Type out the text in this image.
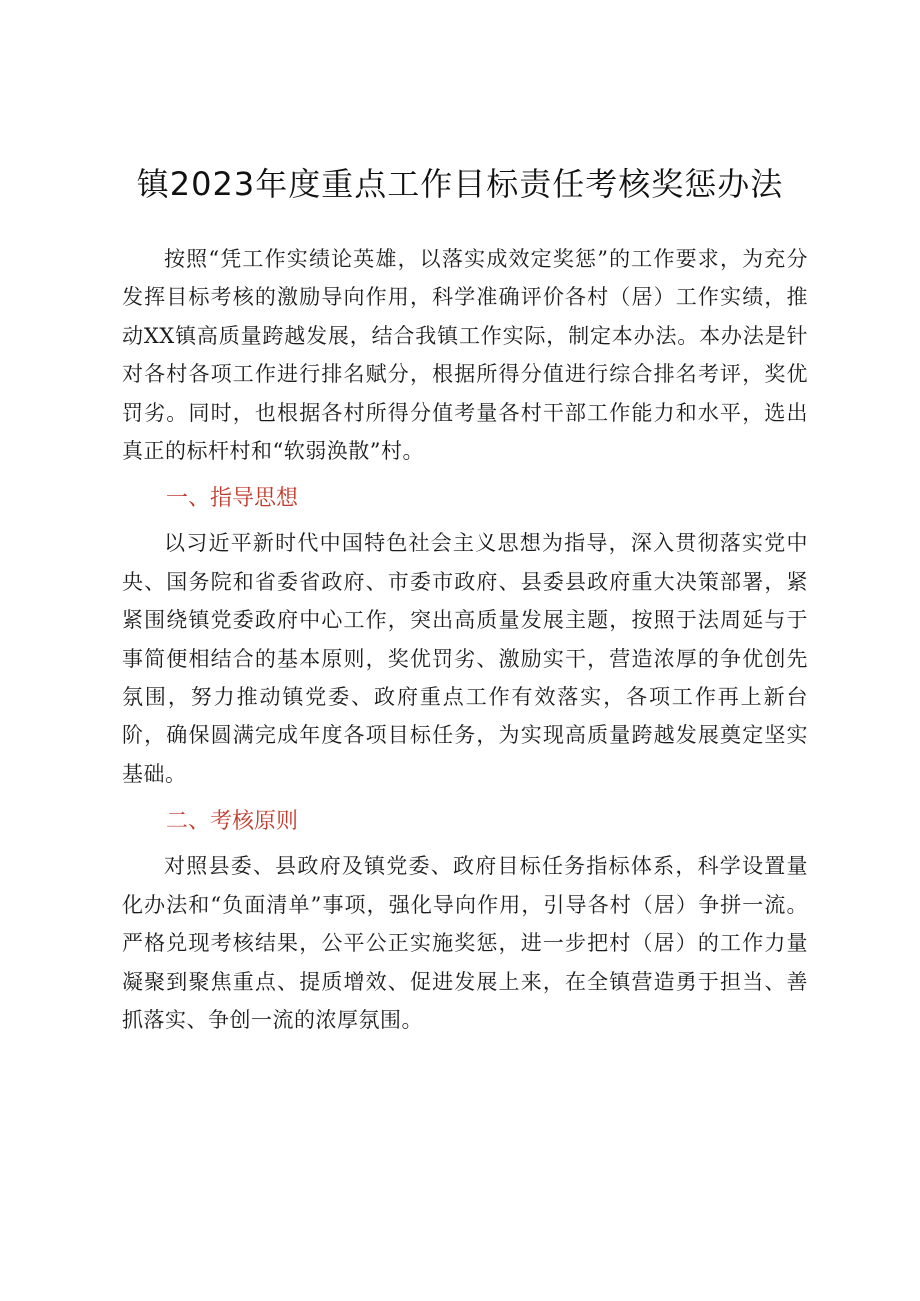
镇2023年度重点工作目标责任考核奖惩办法

按照“凭工作实绩论英雄，以落实成效定奖惩”的工作要求，为充分发挥目标考核的激励导向作用，科学准确评价各村（居）工作实绩，推动XX镇高质量跨越发展，结合我镇工作实际，制定本办法。本办法是针对各村各项工作进行排名赋分，根据所得分值进行综合排名考评，奖优罚劣。同时，也根据各村所得分值考量各村干部工作能力和水平，选出真正的标杆村和“软弱涣散”村。

一、指导思想

以习近平新时代中国特色社会主义思想为指导，深入贯彻落实党中央、国务院和省委省政府、市委市政府、县委县政府重大决策部署，紧紧围绕镇党委政府中心工作，突出高质量发展主题，按照于法周延与于事简便相结合的基本原则，奖优罚劣、激励实干，营造浓厚的争优创先氛围，努力推动镇党委、政府重点工作有效落实，各项工作再上新台阶，确保圆满完成年度各项目标任务，为实现高质量跨越发展奠定坚实基础。

二、考核原则

对照县委、县政府及镇党委、政府目标任务指标体系，科学设置量化办法和“负面清单”事项，强化导向作用，引导各村（居）争拼一流。严格兑现考核结果，公平公正实施奖惩，进一步把村（居）的工作力量凝聚到聚焦重点、提质增效、促进发展上来，在全镇营造勇于担当、善抓落实、争创一流的浓厚氛围。
